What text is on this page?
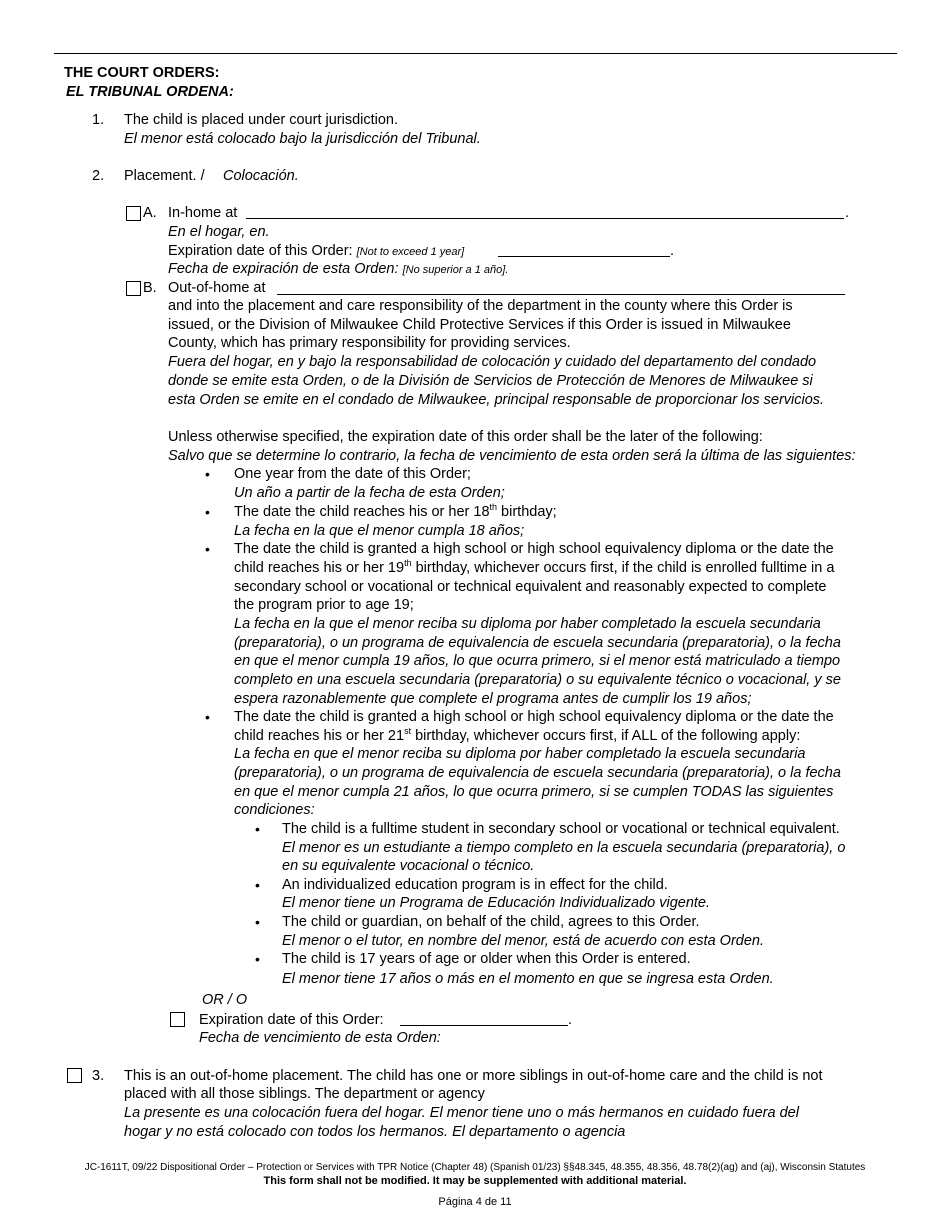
THE COURT ORDERS:
EL TRIBUNAL ORDENA:
1. The child is placed under court jurisdiction.
El menor está colocado bajo la jurisdicción del Tribunal.
2. Placement. / Colocación.
A. In-home at	.
En el hogar, en.
Expiration date of this Order: [Not to exceed 1 year]	.
Fecha de expiración de esta Orden: [No superior a 1 año].
B. Out-of-home at
and into the placement and care responsibility of the department in the county where this Order is
issued, or the Division of Milwaukee Child Protective Services if this Order is issued in Milwaukee
County, which has primary responsibility for providing services.
Fuera del hogar, en y bajo la responsabilidad de colocación y cuidado del departamento del condado
donde se emite esta Orden, o de la División de Servicios de Protección de Menores de Milwaukee si
esta Orden se emite en el condado de Milwaukee, principal responsable de proporcionar los servicios.
Unless otherwise specified, the expiration date of this order shall be the later of the following:
Salvo que se determine lo contrario, la fecha de vencimiento de esta orden será la última de las siguientes:
• One year from the date of this Order;
Un año a partir de la fecha de esta Orden;
• The date the child reaches his or her 18th birthday;
La fecha en la que el menor cumpla 18 años;
• The date the child is granted a high school or high school equivalency diploma or the date the
child reaches his or her 19th birthday, whichever occurs first, if the child is enrolled fulltime in a
secondary school or vocational or technical equivalent and reasonably expected to complete
the program prior to age 19;
La fecha en la que el menor reciba su diploma por haber completado la escuela secundaria
(preparatoria), o un programa de equivalencia de escuela secundaria (preparatoria), o la fecha
en que el menor cumpla 19 años, lo que ocurra primero, si el menor está matriculado a tiempo
completo en una escuela secundaria (preparatoria) o su equivalente técnico o vocacional, y se
espera razonablemente que complete el programa antes de cumplir los 19 años;
• The date the child is granted a high school or high school equivalency diploma or the date the
child reaches his or her 21st birthday, whichever occurs first, if ALL of the following apply:
La fecha en que el menor reciba su diploma por haber completado la escuela secundaria
(preparatoria), o un programa de equivalencia de escuela secundaria (preparatoria), o la fecha
en que el menor cumpla 21 años, lo que ocurra primero, si se cumplen TODAS las siguientes
condiciones:
• The child is a fulltime student in secondary school or vocational or technical equivalent.
El menor es un estudiante a tiempo completo en la escuela secundaria (preparatoria), o
en su equivalente vocacional o técnico.
• An individualized education program is in effect for the child.
El menor tiene un Programa de Educación Individualizado vigente.
• The child or guardian, on behalf of the child, agrees to this Order.
El menor o el tutor, en nombre del menor, está de acuerdo con esta Orden.
• The child is 17 years of age or older when this Order is entered.
El menor tiene 17 años o más en el momento en que se ingresa esta Orden.
OR / O
Expiration date of this Order:	.
Fecha de vencimiento de esta Orden:
3. This is an out-of-home placement. The child has one or more siblings in out-of-home care and the child is not
placed with all those siblings. The department or agency
La presente es una colocación fuera del hogar. El menor tiene uno o más hermanos en cuidado fuera del
hogar y no está colocado con todos los hermanos. El departamento o agencia
JC-1611T, 09/22 Dispositional Order – Protection or Services with TPR Notice (Chapter 48) (Spanish 01/23) §§48.345, 48.355, 48.356, 48.78(2)(ag) and (aj), Wisconsin Statutes
This form shall not be modified. It may be supplemented with additional material.
Página 4 de 11
